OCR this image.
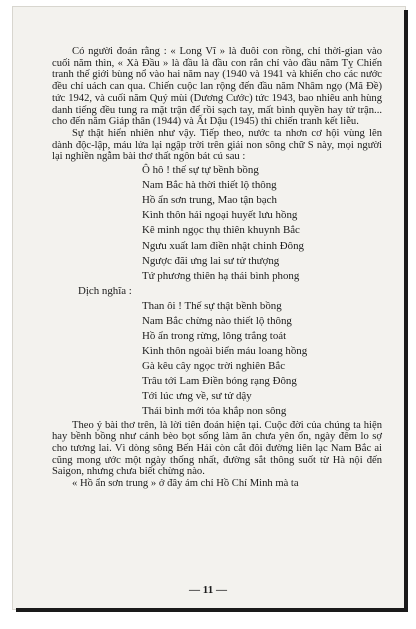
Có người đoán rằng : « Long Vĩ » là đuôi con rồng, chỉ thời-gian vào cuối năm thìn, « Xà Đầu » là đầu là đầu con rắn chỉ vào đầu năm Tỵ Chiến tranh thế giới bùng nổ vào hai năm nay (1940 và 1941 và khiến cho các nước đều chỉ uách can qua. Chiến cuộc lan rộng đến đầu năm Nhâm ngọ (Mã Đề) tức 1942, và cuối năm Quý mùi (Dương Cước) tức 1943, bao nhiêu anh hùng danh tiếng đều tung ra mặt trận để rồi sạch tay, mất bình quyền hay tử trận... cho đến năm Giáp thân (1944) và Ất Dậu (1945) thì chiến tranh kết liễu.

Sự thật hiển nhiên như vậy. Tiếp theo, nước ta nhơn cơ hội vùng lên dành độc-lập, máu lửa lại ngập trời trên giải non sông chữ S này, mọi người lại nghiền ngẫm bài thơ thất ngôn bát cú sau :

Ô hô ! thế sự tự bềnh bồng
Nam Bắc hà thời thiết lộ thông
Hồ ẩn sơn trung, Mao tận bạch
Kình thôn hải ngoại huyết lưu hồng
Kê minh ngọc thụ thiên khuynh Bắc
Ngưu xuất lam điền nhật chinh Đông
Ngược đãi ưng lai sư tử thượng
Tứ phương thiên hạ thái bình phong
Dịch nghĩa :
Than ôi ! Thế sự thật bềnh bồng
Nam Bắc chừng nào thiết lộ thông
Hồ ẩn trong rừng, lông trắng toát
Kình thôn ngoài biển máu loang hồng
Gà kêu cây ngọc trời nghiên Bắc
Trâu tới Lam Điền bóng rạng Đông
Tới lúc ưng về, sư tử dậy
Thái bình mới tỏa khắp non sông

Theo ý bài thơ trên, là lời tiên đoán hiện tại. Cuộc đời của chúng ta hiện hay bềnh bồng như cánh bèo bọt sống làm ăn chưa yên ổn, ngày đêm lo sợ cho tương lai. Vì dòng sông Bến Hải còn cắt đôi đường liên lạc Nam Bắc ai cũng mong ước một ngày thống nhất, đường sắt thông suốt từ Hà nội đến Saigon, nhưng chưa biết chừng nào.

« Hồ ẩn sơn trung » ở đây ám chỉ Hồ Chí Minh mà ta

— 11 —
